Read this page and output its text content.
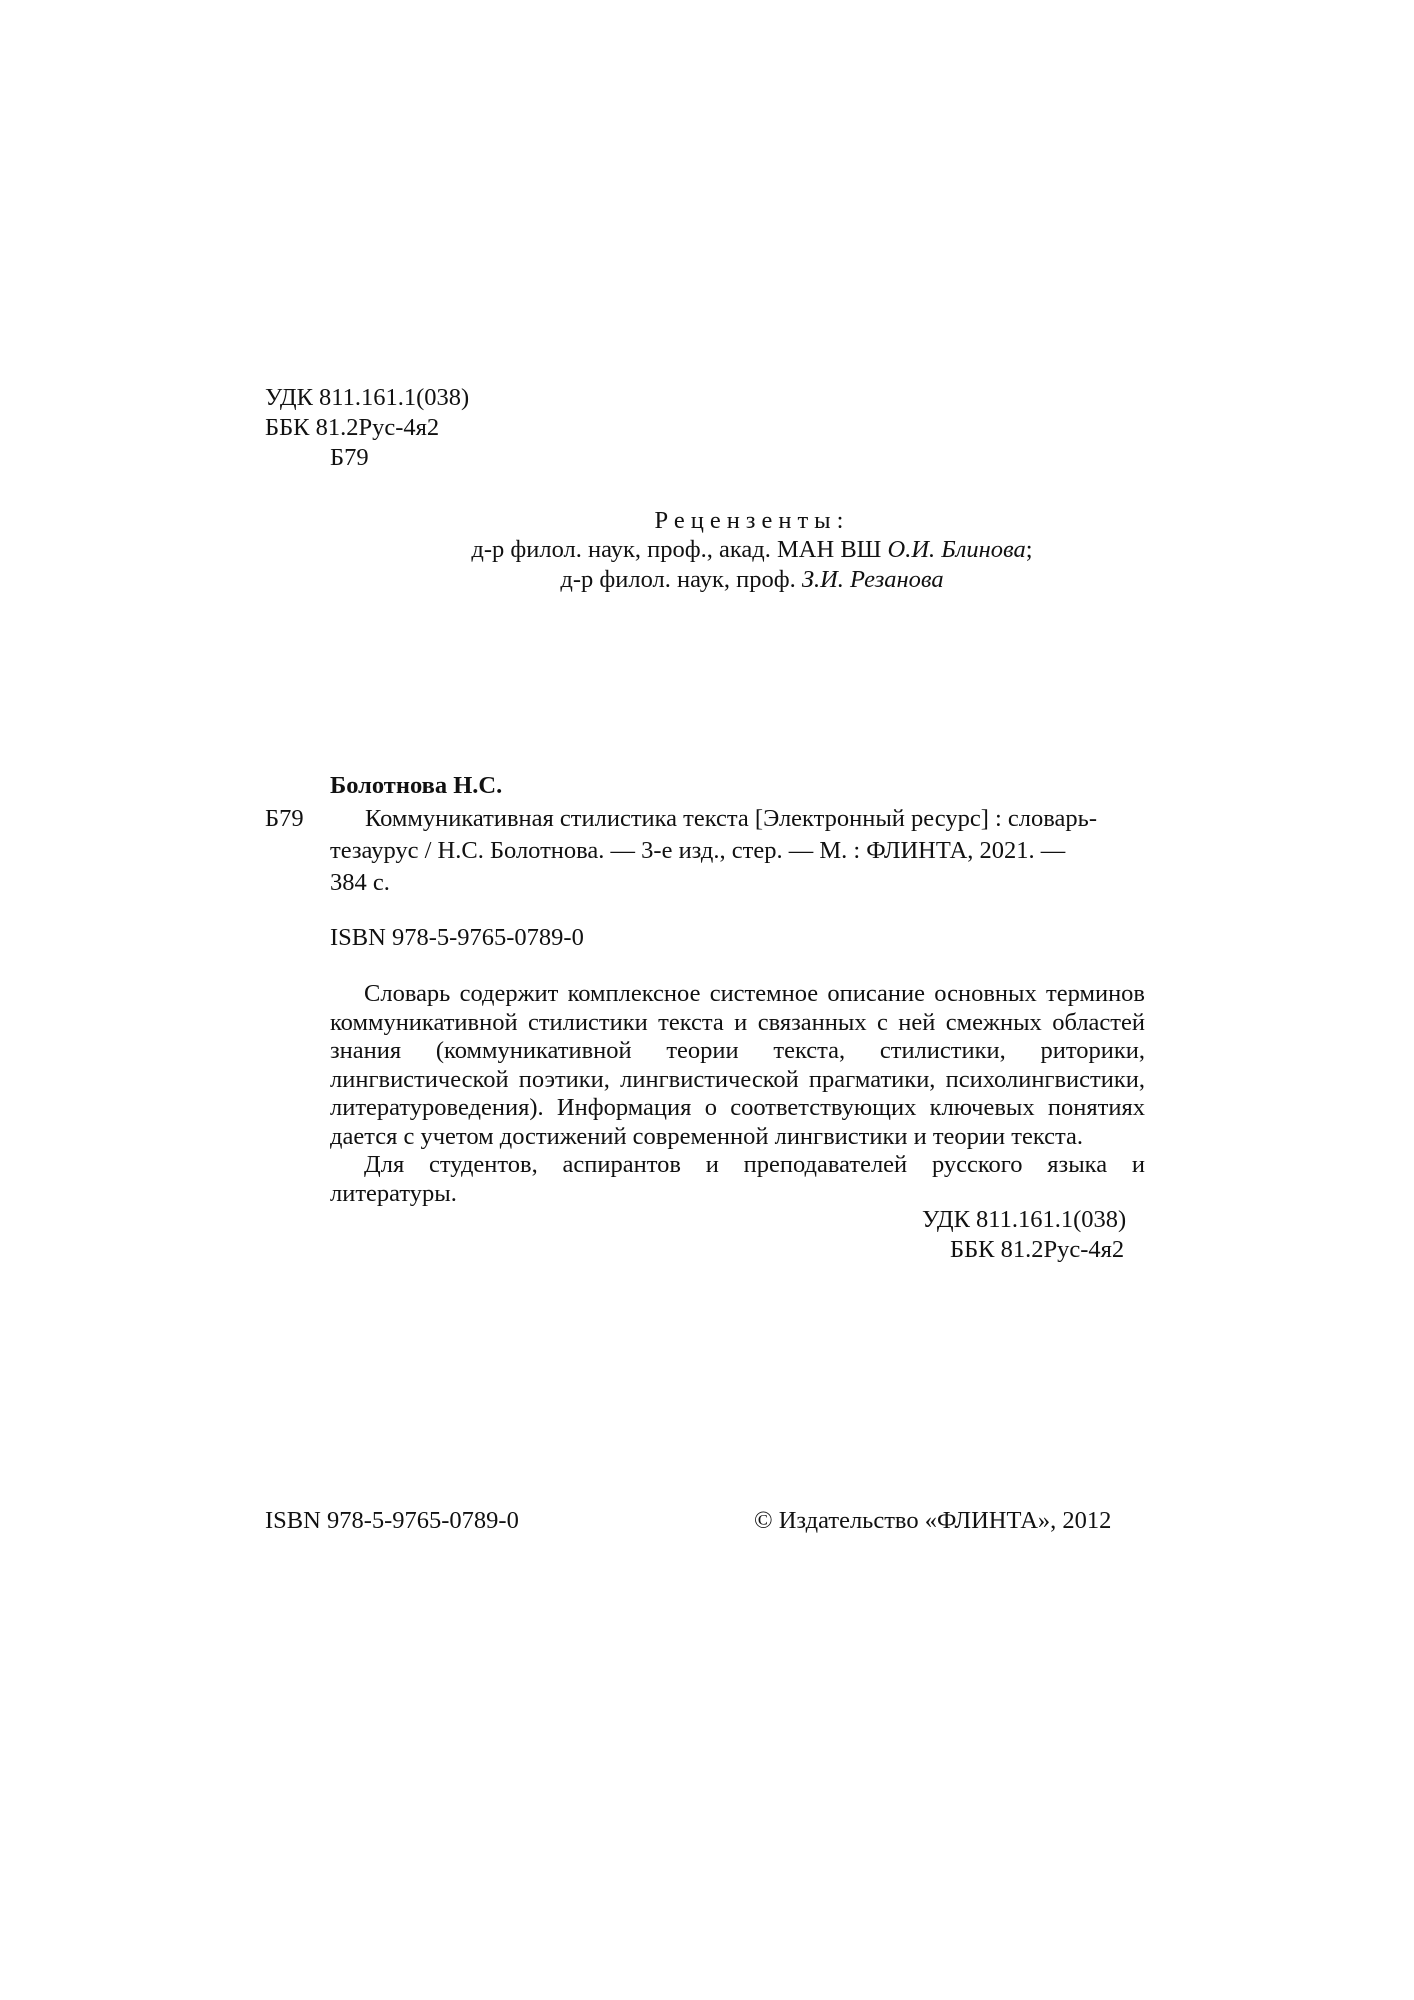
УДК 811.161.1(038)
ББК 81.2Рус-4я2
Б79
Рецензенты:
д-р филол. наук, проф., акад. МАН ВШ О.И. Блинова;
д-р филол. наук, проф. З.И. Резанова
Болотнова Н.С.
Б79	Коммуникативная стилистика текста [Электронный ресурс] : словарь-
тезаурус / Н.С. Болотнова. — 3-е изд., стер. — М. : ФЛИНТА, 2021. —
384 с.
ISBN 978-5-9765-0789-0

Словарь содержит комплексное системное описание основных терминов коммуникативной стилистики текста и связанных с ней смежных областей знания (коммуникативной теории текста, стилистики, риторики, лингвистической поэтики, лингвистической прагматики, психолингвистики, литературоведения). Информация о соответствующих ключевых понятиях дается с учетом достижений современной лингвистики и теории текста.

Для студентов, аспирантов и преподавателей русского языка и литературы.

УДК 811.161.1(038)
ББК 81.2Рус-4я2
ISBN 978-5-9765-0789-0	© Издательство «ФЛИНТА», 2012
